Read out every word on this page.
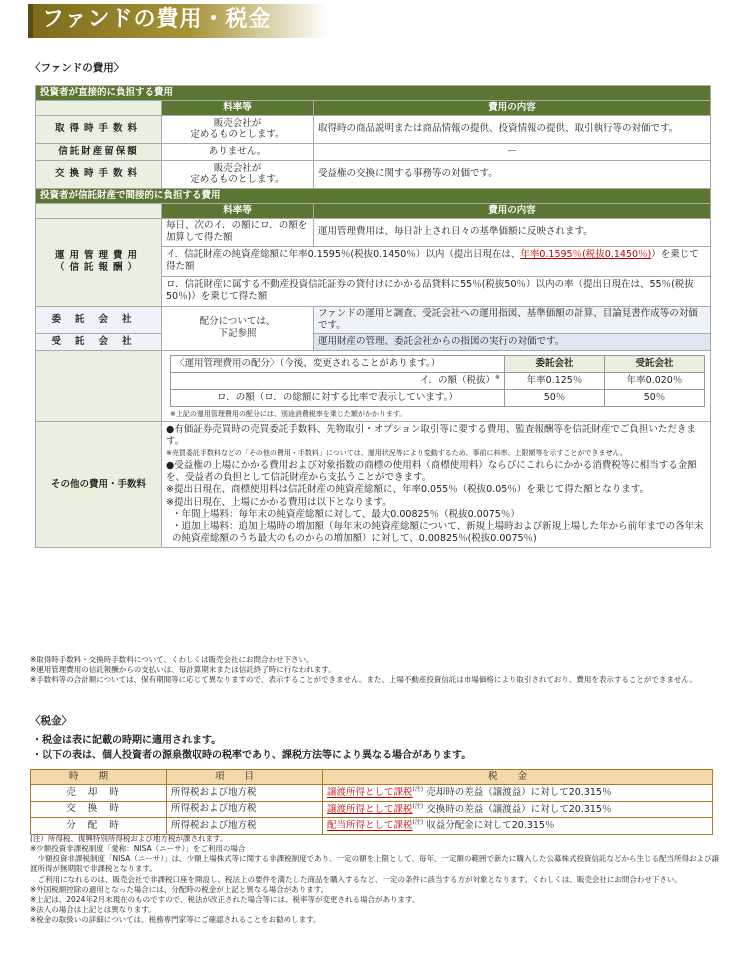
ファンドの費用・税金
〈ファンドの費用〉
投資者が直接的に負担する費用
	料率等	費用の内容
取得時手数料	販売会社が
定めるものとします。	取得時の商品説明または商品情報の提供、投資情報の提供、取引執行等の対価です。
信託財産留保額	ありません。	ー
交換時手数料	販売会社が
定めるものとします。	受益権の交換に関する事務等の対価です。
投資者が信託財産で間接的に負担する費用
	料率等	費用の内容

運用管理費用
（信託報酬）
	毎日、次のイ．の額にロ．の額を加算して得た額	運用管理費用は、毎日計上され日々の基準価額に反映されます。
イ．信託財産の純資産総額に年率0.1595％(税抜0.1450％）以内（提出日現在は、年率0.1595％(税抜0.1450％)）を乗じて得た額
ロ．信託財産に属する不動産投資信託証券の貸付けにかかる品貸料に55％(税抜50％）以内の率（提出日現在は、55％(税抜50％)）を乗じて得た額
委託会社	配分については、
下記参照	ファンドの運用と調査、受託会社への運用指図、基準価額の計算、目論見書作成等の対価です。
受託会社	運用財産の管理、委託会社からの指図の実行の対価です。

〈運用管理費用の配分〉（今後、変更されることがあります。）	委託会社	受託会社
イ．の額（税抜）※	年率0.125％	年率0.020％
ロ．の額（ロ．の総額に対する比率で表示しています。）	50％	50％
※上記の運用管理費用の配分には、別途消費税率を乗じた額がかかります。

その他の費用・手数料	
●有価証券売買時の売買委託手数料、先物取引・オプション取引等に要する費用、監査報酬等を信託財産でご負担いただきます。
※売買委託手数料などの「その他の費用・手数料」については、運用状況等により変動するため、事前に料率、上限額等を示すことができません。
●受益権の上場にかかる費用および対象指数の商標の使用料（商標使用料）ならびにこれらにかかる消費税等に相当する金額を、受益者の負担として信託財産から支払うことができます。
※提出日現在、商標使用料は信託財産の純資産総額に、年率0.055％（税抜0.05％）を乗じて得た額となります。
※提出日現在、上場にかかる費用は以下となります。
・年間上場料：毎年末の純資産総額に対して、最大0.00825％（税抜0.0075％）
・追加上場料：追加上場時の増加額（毎年末の純資産総額について、新規上場時および新規上場した年から前年までの各年末の純資産総額のうち最大のものからの増加額）に対して、0.00825％(税抜0.0075％)
※取得時手数料・交換時手数料について、くわしくは販売会社にお問合わせ下さい。
※運用管理費用の信託報酬からの支払いは、毎計算期末または信託終了時に行なわれます。
※手数料等の合計額については、保有期間等に応じて異なりますので、表示することができません。また、上場不動産投資信託は市場価格により取引されており、費用を表示することができません。
〈税金〉
・税金は表に記載の時期に適用されます。
・以下の表は、個人投資者の源泉徴収時の税率であり、課税方法等により異なる場合があります。
時期	項目	税金
売却時	所得税および地方税	譲渡所得として課税$^{(注)}$ 売却時の差益（譲渡益）に対して20.315％
交換時	所得税および地方税	譲渡所得として課税$^{(注)}$ 交換時の差益（譲渡益）に対して20.315％
分配時	所得税および地方税	配当所得として課税$^{(注)}$ 収益分配金に対して20.315％
(注）所得税、復興特別所得税および地方税が課されます。
※少額投資非課税制度「愛称：NISA（ニーサ）」をご利用の場合
　少額投資非課税制度「NISA（ニーサ）」は、少額上場株式等に関する非課税制度であり、一定の額を上限として、毎年、一定額の範囲で新たに購入した公募株式投資信託などから生じる配当所得および譲渡所得が無期限で非課税となります。
　ご利用になれるのは、販売会社で非課税口座を開設し、税法上の要件を満たした商品を購入するなど、一定の条件に該当する方が対象となります。くわしくは、販売会社にお問合わせ下さい。
※外国税額控除の適用となった場合には、分配時の税金が上記と異なる場合があります。
※上記は、2024年2月末現在のものですので、税法が改正された場合等には、税率等が変更される場合があります。
※法人の場合は上記とは異なります。
※税金の取扱いの詳細については、税務専門家等にご確認されることをお勧めします。
